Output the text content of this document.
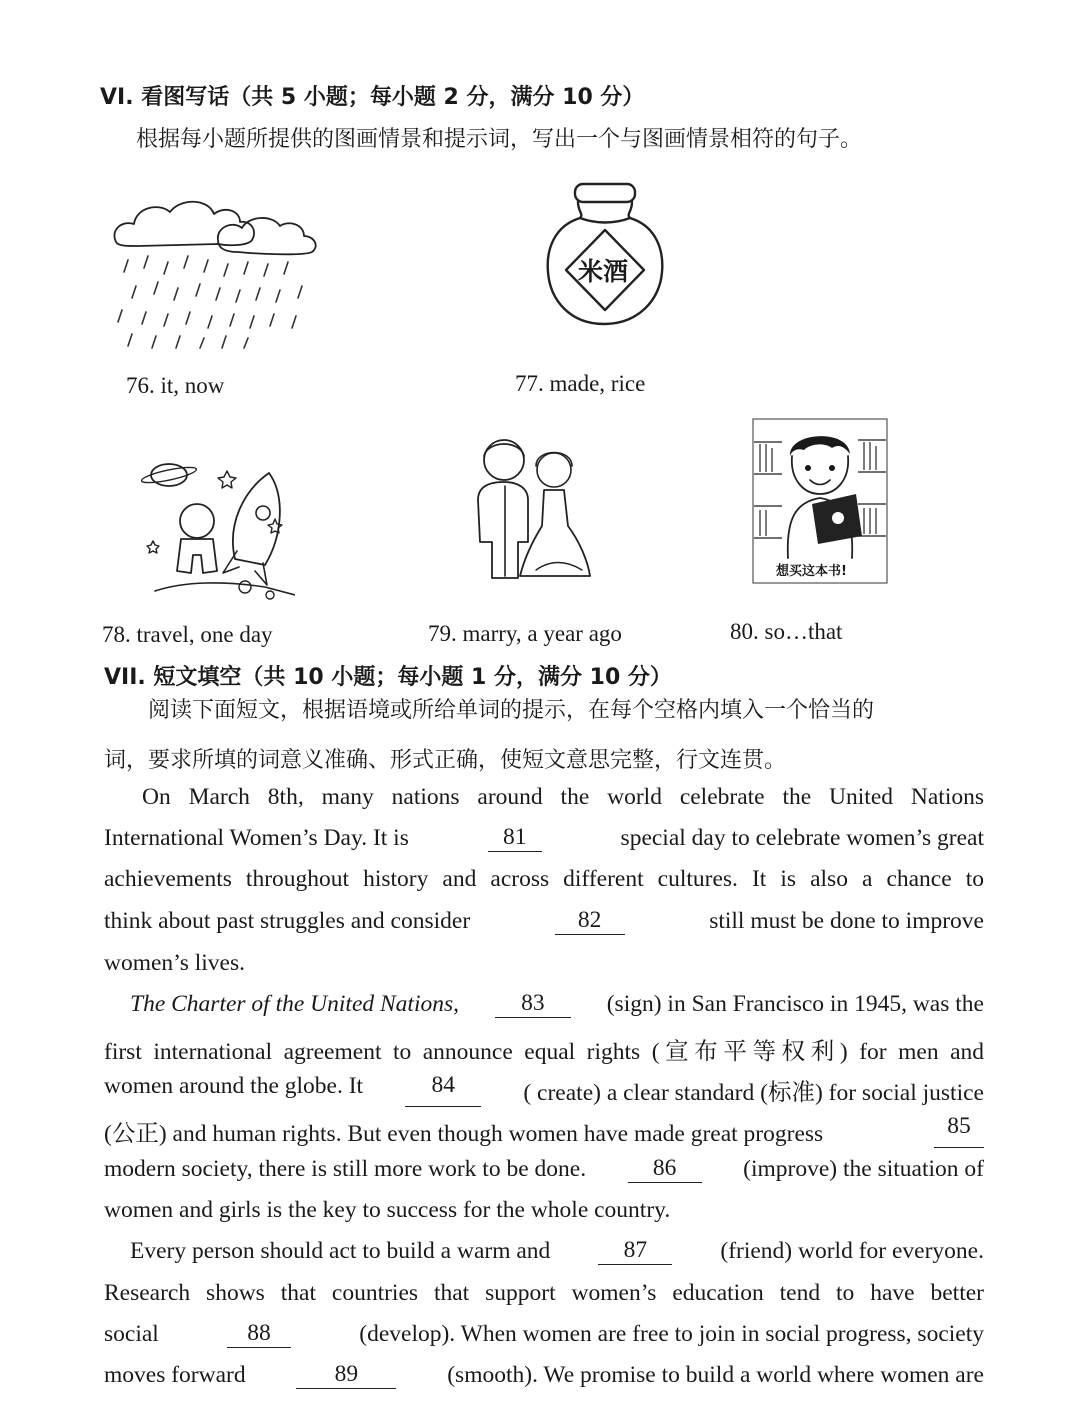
VI. 看图写话（共 5 小题；每小题 2 分，满分 10 分）
根据每小题所提供的图画情景和提示词，写出一个与图画情景相符的句子。
76. it, now
米酒
77. made, rice
78. travel, one day	79. marry, a year ago
想买这本书!
80. so…that
VII. 短文填空（共 10 小题；每小题 1 分，满分 10 分）
阅读下面短文，根据语境或所给单词的提示，在每个空格内填入一个恰当的
词，要求所填的词意义准确、形式正确，使短文意思完整，行文连贯。
On March 8th, many nations around the world celebrate the United Nations
International Women’s Day. It is	81	special day to celebrate women’s great
achievements throughout history and across different cultures. It is also a chance to
think about past struggles and consider	82	still must be done to improve
women’s lives.
The Charter of the United Nations,	83	(sign) in San Francisco in 1945, was the
first international agreement to announce equal rights (宣布平等权利) for men and
women around the globe. It	84	( create) a clear standard (标准) for social justice
(公正) and human rights. But even though women have made great progress	85
modern society, there is still more work to be done.	86	(improve) the situation of
women and girls is the key to success for the whole country.
Every person should act to build a warm and	87	(friend) world for everyone.
Research shows that countries that support women’s education tend to have better
social	88	(develop). When women are free to join in social progress, society
moves forward	89	(smooth). We promise to build a world where women are
